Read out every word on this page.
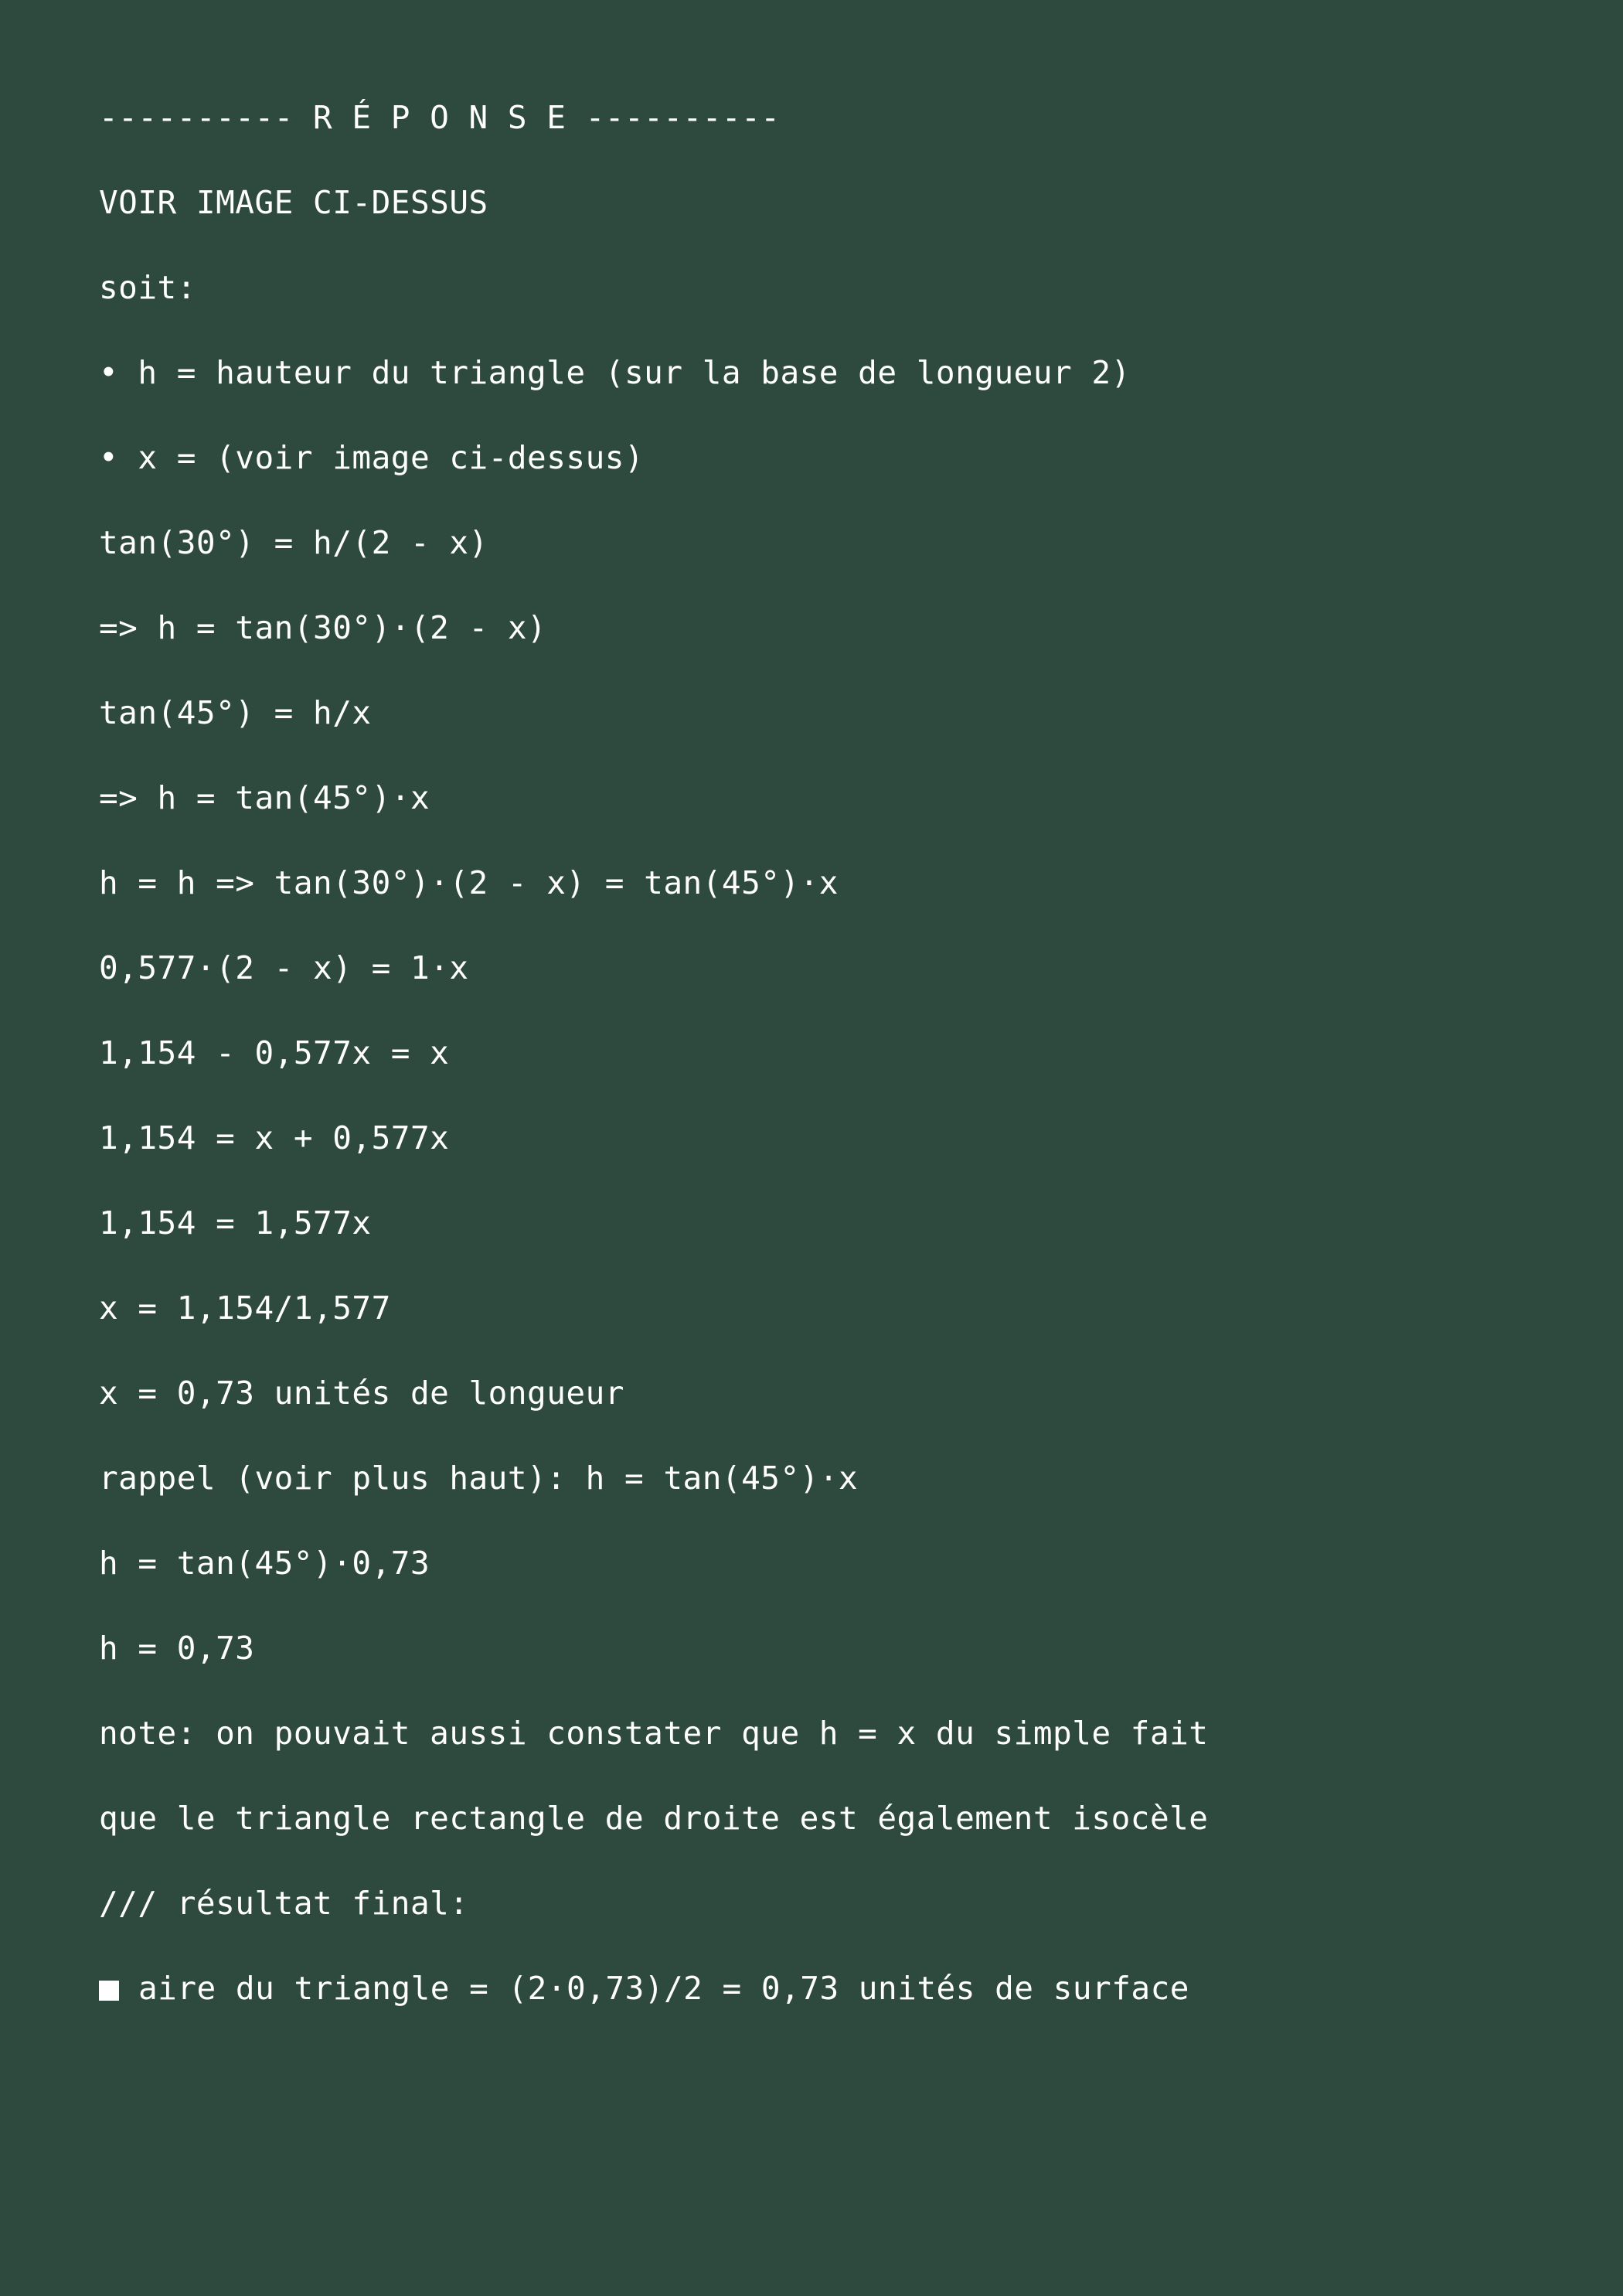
---------- R É P O N S E ----------
VOIR IMAGE CI-DESSUS
soit:
• h = hauteur du triangle (sur la base de longueur 2)
• x = (voir image ci-dessus)
tan(30°) = h/(2 - x)
=> h = tan(30°)·(2 - x)
tan(45°) = h/x
=> h = tan(45°)·x
h = h => tan(30°)·(2 - x) = tan(45°)·x
0,577·(2 - x) = 1·x
1,154 - 0,577x = x
1,154 = x + 0,577x
1,154 = 1,577x
x = 1,154/1,577
x = 0,73 unités de longueur
rappel (voir plus haut): h = tan(45°)·x
h = tan(45°)·0,73
h = 0,73
note: on pouvait aussi constater que h = x du simple fait
que le triangle rectangle de droite est également isocèle
/// résultat final:
aire du triangle = (2·0,73)/2 = 0,73 unités de surface
